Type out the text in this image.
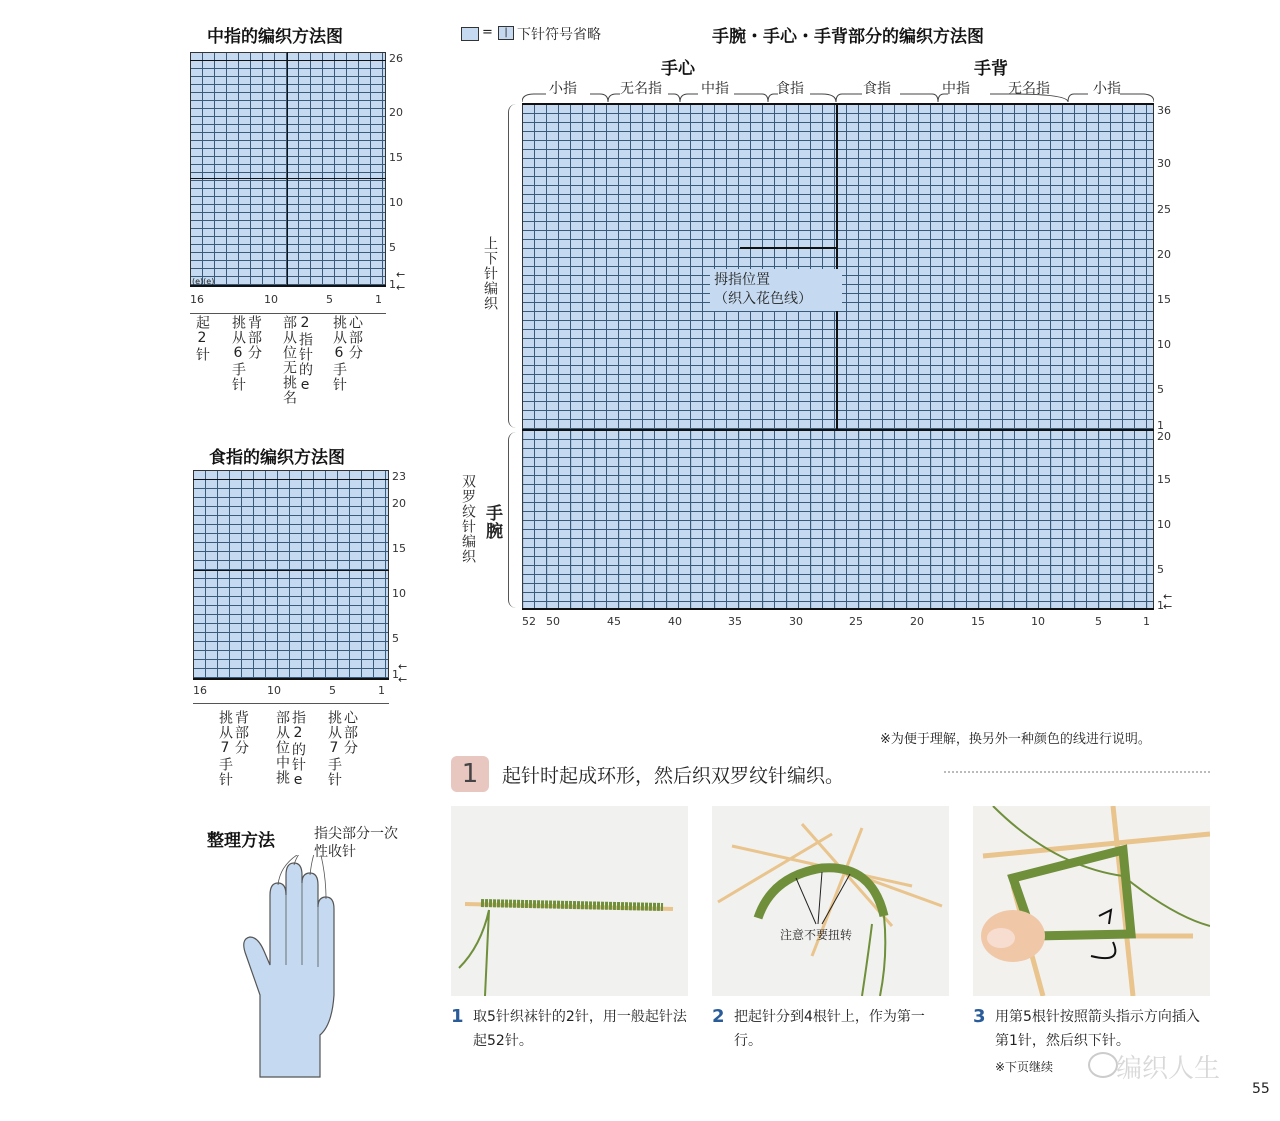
中指的编织方法图
(e)(e)
26
20
15
10
5
1
←
←
16	10	5	1
起2针 挑从6手针背部分 部从位无挑名2指针的e 挑从6手针心部分
食指的编织方法图
23
20
15
10
5
1
←
←
16	10	5	1
挑从7手针背部分 部从位中挑指2的针e 挑从7手针心部分
整理方法	指尖部分一次性收针
=	| 下针符号省略	手腕・手心・手背部分的编织方法图
手心	手背
小指	无名指	中指	食指	食指	中指	无名指	小指
拇指位置
（织入花色线）
上下针编织
双罗纹针编织 手腕
36
30
25
20
15
10
5
1
20
15
10
5
1
←
←
52 50	45	40	35	30	25	20	15	10	5	1
※为便于理解，换另外一种颜色的线进行说明。
1	起针时起成环形，然后织双罗纹针编织。
注意不要扭转
1 取5针织袜针的2针，用一般起针法起52针。
2 把起针分到4根针上，作为第一行。
3 用第5根针按照箭头指示方向插入第1针，然后织下针。
※下页继续 编织人生
55
